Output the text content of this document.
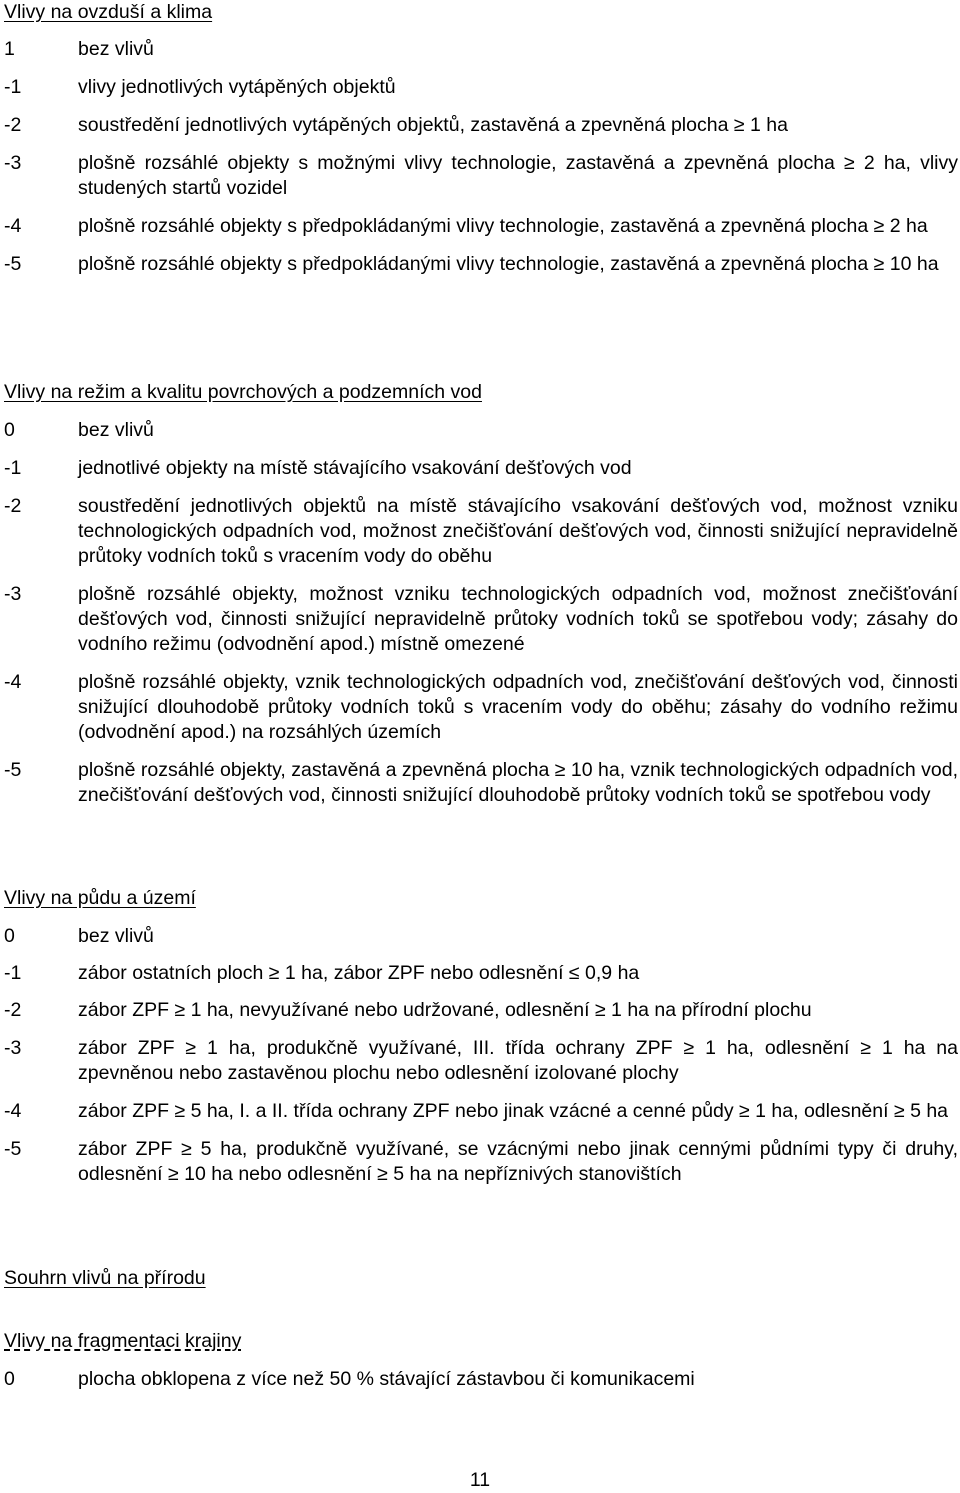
Vlivy na ovzduší a klima
1	bez vlivů
-1	vlivy jednotlivých vytápěných objektů
-2	soustředění jednotlivých vytápěných objektů, zastavěná a zpevněná plocha ≥ 1 ha
-3	plošně rozsáhlé objekty s možnými vlivy technologie, zastavěná a zpevněná plocha ≥ 2 ha, vlivy studených startů vozidel
-4	plošně rozsáhlé objekty s předpokládanými vlivy technologie, zastavěná a zpevněná plocha ≥ 2 ha
-5	plošně rozsáhlé objekty s předpokládanými vlivy technologie, zastavěná a zpevněná plocha ≥ 10 ha
Vlivy na režim a kvalitu povrchových a podzemních vod
0	bez vlivů
-1	jednotlivé objekty na místě stávajícího vsakování dešťových vod
-2	soustředění jednotlivých objektů na místě stávajícího vsakování dešťových vod, možnost vzniku technologických odpadních vod, možnost znečišťování dešťových vod, činnosti snižující nepravidelně průtoky vodních toků s vracením vody do oběhu
-3	plošně rozsáhlé objekty, možnost vzniku technologických odpadních vod, možnost znečišťování dešťových vod, činnosti snižující nepravidelně průtoky vodních toků se spotřebou vody; zásahy do vodního režimu (odvodnění apod.) místně omezené
-4	plošně rozsáhlé objekty, vznik technologických odpadních vod, znečišťování dešťových vod, činnosti snižující dlouhodobě průtoky vodních toků s vracením vody do oběhu; zásahy do vodního režimu (odvodnění apod.) na rozsáhlých územích
-5	plošně rozsáhlé objekty, zastavěná a zpevněná plocha ≥ 10 ha, vznik technologických odpadních vod, znečišťování dešťových vod, činnosti snižující dlouhodobě průtoky vodních toků se spotřebou vody
Vlivy na půdu a území
0	bez vlivů
-1	zábor ostatních ploch ≥ 1 ha, zábor ZPF nebo odlesnění ≤ 0,9 ha
-2	zábor ZPF ≥ 1 ha, nevyužívané nebo udržované, odlesnění ≥ 1 ha na přírodní plochu
-3	zábor ZPF ≥ 1 ha, produkčně využívané, III. třída ochrany ZPF ≥ 1 ha, odlesnění ≥ 1 ha na zpevněnou nebo zastavěnou plochu nebo odlesnění izolované plochy
-4	zábor ZPF ≥ 5 ha, I. a II. třída ochrany ZPF nebo jinak vzácné a cenné půdy ≥ 1 ha, odlesnění ≥ 5 ha
-5	zábor ZPF ≥ 5 ha, produkčně využívané, se vzácnými nebo jinak cennými půdními typy či druhy, odlesnění ≥ 10 ha nebo odlesnění ≥ 5 ha na nepříznivých stanovištích
Souhrn vlivů na přírodu
Vlivy na fragmentaci krajiny
0	plocha obklopena z více než 50 % stávající zástavbou či komunikacemi
11
